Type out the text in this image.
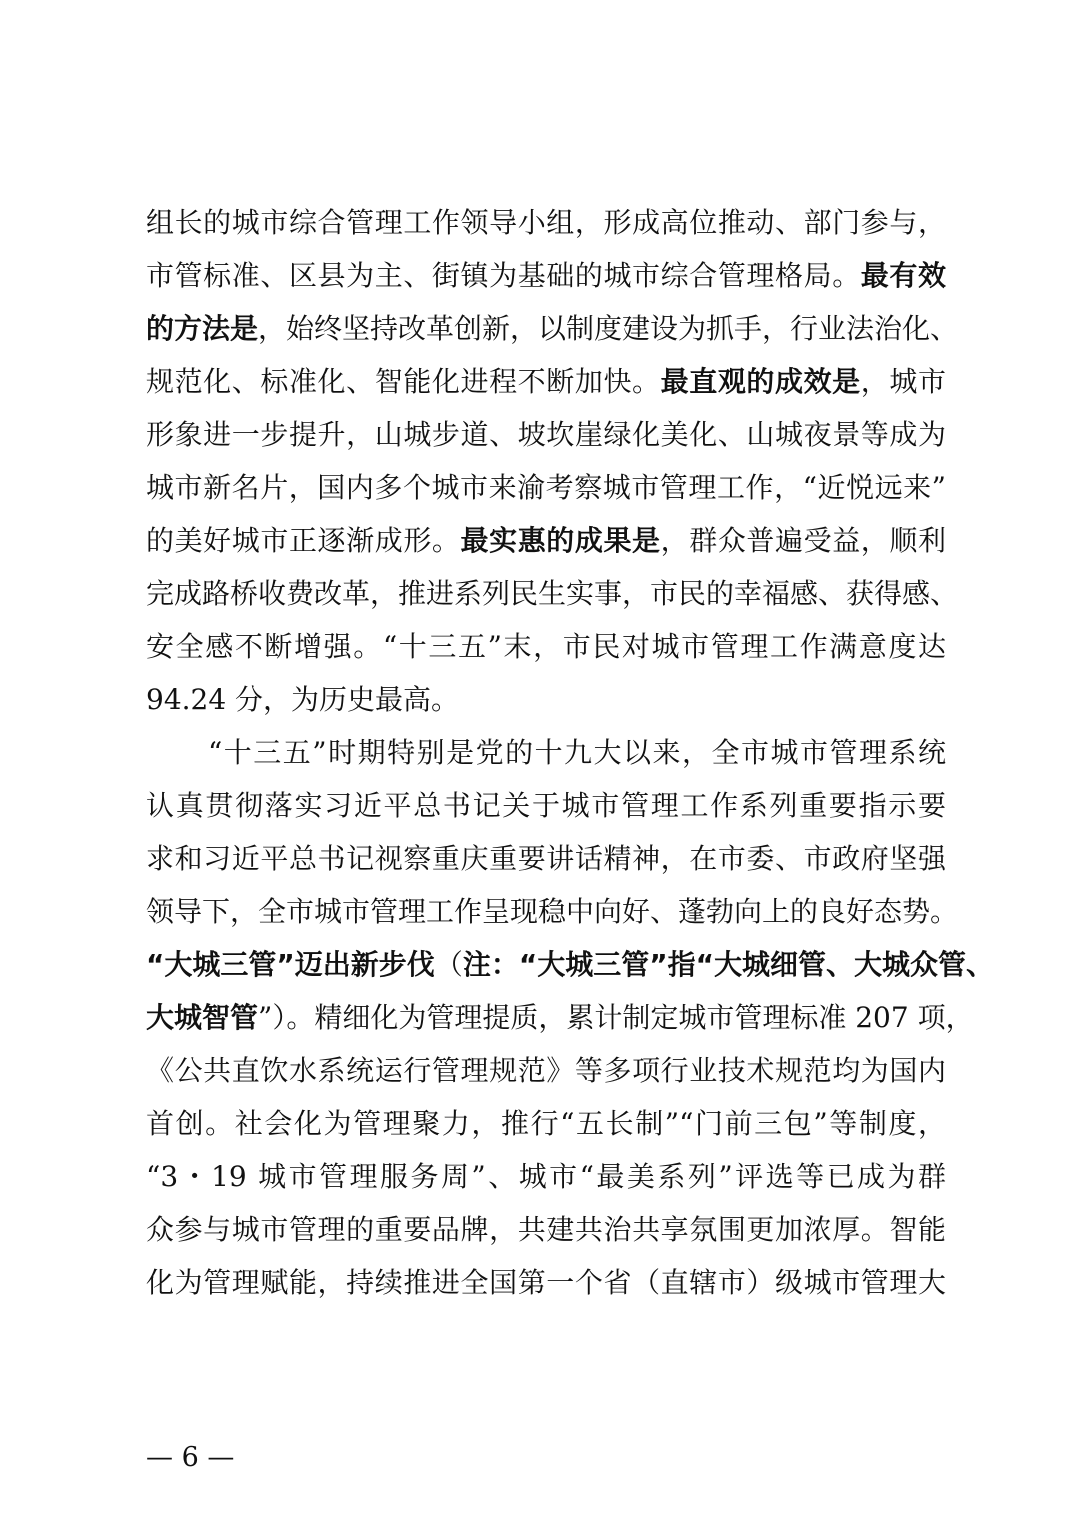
组长的城市综合管理工作领导小组，形成高位推动、部门参与，
市管标准、区县为主、街镇为基础的城市综合管理格局。最有效
的方法是，始终坚持改革创新，以制度建设为抓手，行业法治化、
规范化、标准化、智能化进程不断加快。最直观的成效是，城市
形象进一步提升，山城步道、坡坎崖绿化美化、山城夜景等成为
城市新名片，国内多个城市来渝考察城市管理工作，“近悦远来”
的美好城市正逐渐成形。最实惠的成果是，群众普遍受益，顺利
完成路桥收费改革，推进系列民生实事，市民的幸福感、获得感、
安全感不断增强。“十三五”末，市民对城市管理工作满意度达
94.24 分，为历史最高。
“十三五”时期特别是党的十九大以来，全市城市管理系统
认真贯彻落实习近平总书记关于城市管理工作系列重要指示要
求和习近平总书记视察重庆重要讲话精神，在市委、市政府坚强
领导下，全市城市管理工作呈现稳中向好、蓬勃向上的良好态势。
“大城三管”迈出新步伐（注：“大城三管”指“大城细管、大城众管、
大城智管”）。精细化为管理提质，累计制定城市管理标准 207 项，
《公共直饮水系统运行管理规范》等多项行业技术规范均为国内
首创。社会化为管理聚力，推行“五长制”“门前三包”等制度，
“3・19 城市管理服务周”、城市“最美系列”评选等已成为群
众参与城市管理的重要品牌，共建共治共享氛围更加浓厚。智能
化为管理赋能，持续推进全国第一个省（直辖市）级城市管理大
— 6 —
